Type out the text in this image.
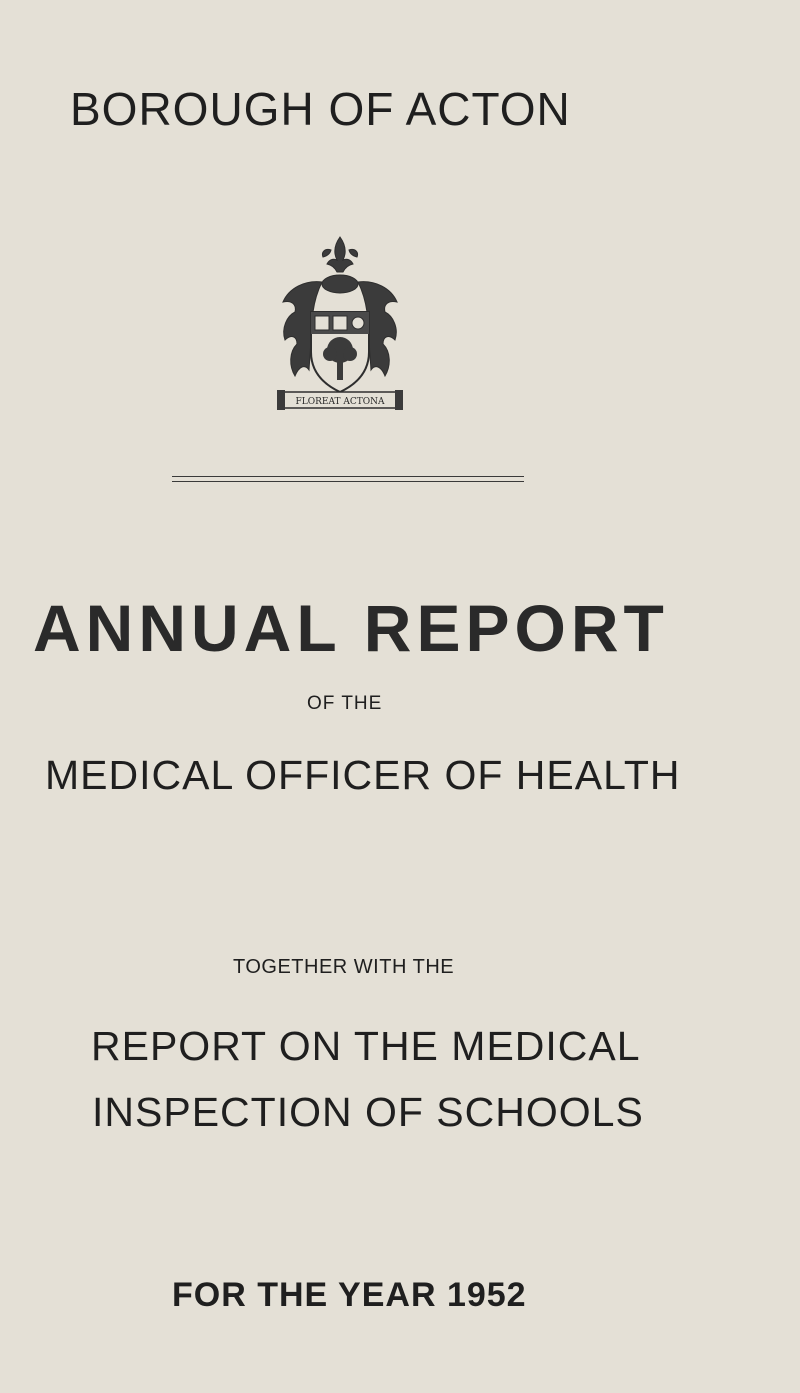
BOROUGH OF ACTON
FLOREAT ACTONA
ANNUAL REPORT
OF THE
MEDICAL OFFICER OF HEALTH
TOGETHER WITH THE
REPORT ON THE MEDICAL
INSPECTION OF SCHOOLS
FOR THE YEAR 1952
